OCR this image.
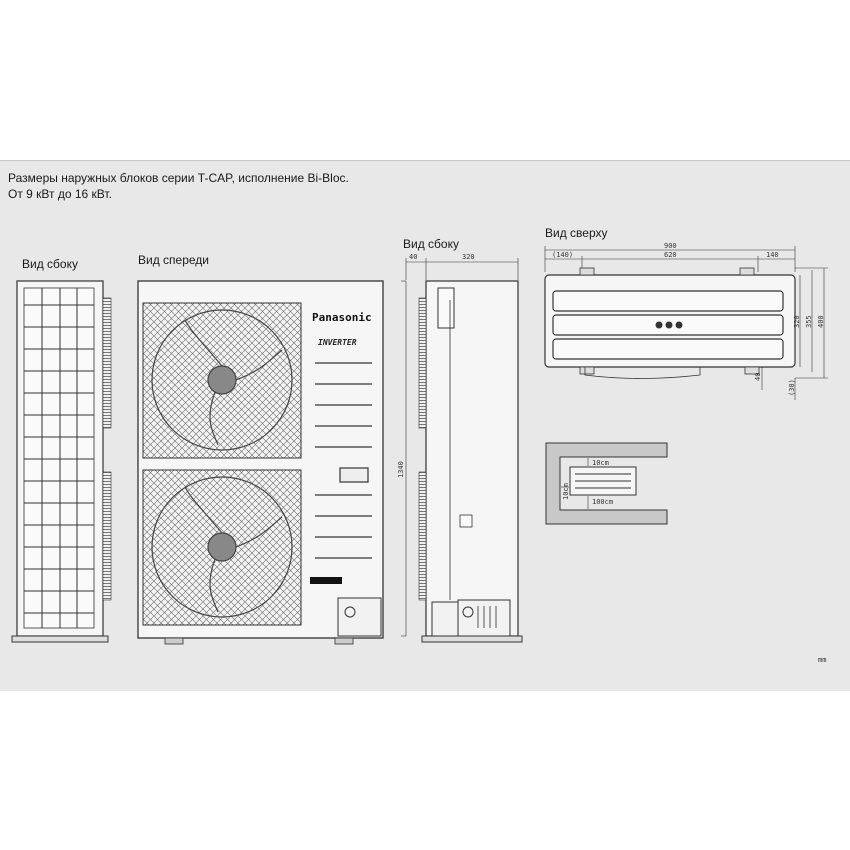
Размеры наружных блоков серии T-CAP, исполнение Bi-Bloc.
От 9 кВт до 16 кВт.
Вид сбоку	Вид спереди
Вид сбоку
Вид сверху
Panasonic
INVERTER
40	320
1340
900
(140)	620	140
320 355 400
40
(30)
10cm
10cm
100cm
mm
